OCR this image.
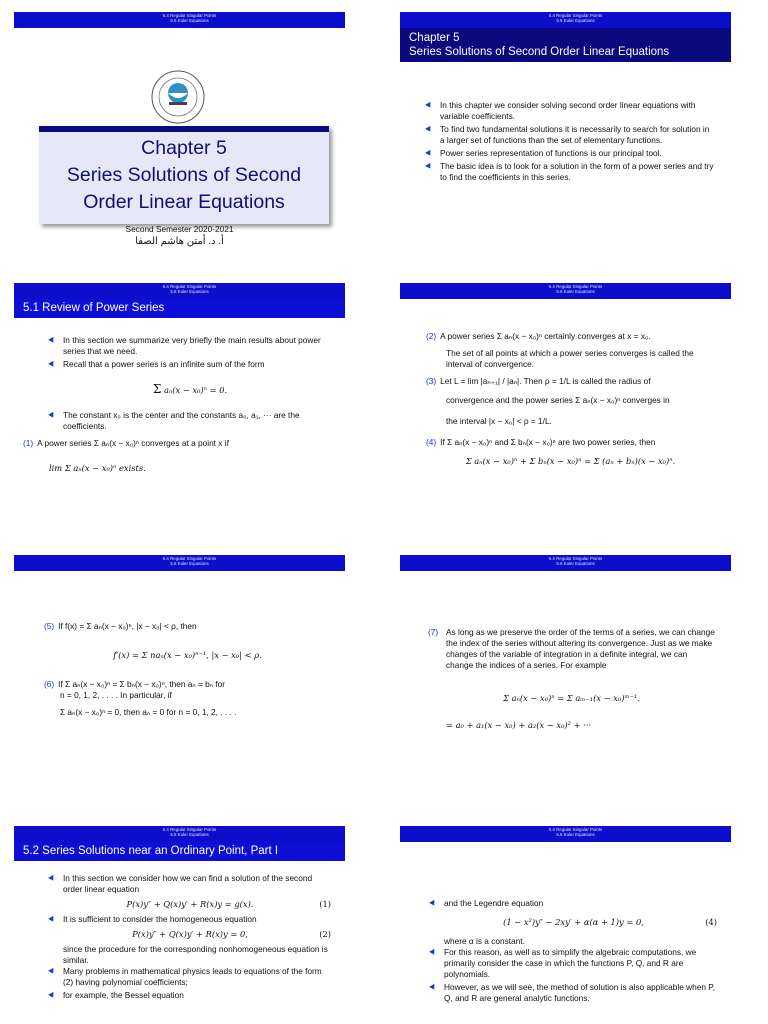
5.4 Regular Singular Points
5.5 Euler Equations
Chapter 5
Series Solutions of Second
Order Linear Equations
Second Semester 2020-2021
أ. د. أمتن هاشم الصفا
5.4 Regular Singular Points
5.5 Euler Equations
Chapter 5
Series Solutions of Second Order Linear Equations
In this chapter we consider solving second order linear equations with variable coefficients.
To find two fundamental solutions it is necessarily to search for solution in a larger set of functions than the set of elementary functions.
Power series representation of functions is our principal tool.
The basic idea is to look for a solution in the form of a power series and try to find the coefficients in this series.
5.4 Regular Singular Points
5.5 Euler Equations
5.1 Review of Power Series
In this section we summarize very briefly the main results about power series that we need.
Recall that a power series is an infinite sum of the form
Σ aₙ(x − x₀)ⁿ = 0.
The constant x₀ is the center and the constants a₀, a₁, ··· are the coefficients.
(1) A power series Σ aₙ(x − x₀)ⁿ converges at a point x if
lim Σ aₙ(x − x₀)ⁿ exists.
5.4 Regular Singular Points
5.5 Euler Equations
(2) A power series Σ aₙ(x − x₀)ⁿ certainly converges at x = x₀.
The set of all points at which a power series converges is called the interval of convergence.
(3) Let L = lim |aₙ₊₁| / |aₙ|. Then ρ = 1/L is called the radius of
convergence and the power series Σ aₙ(x − x₀)ⁿ converges in
the interval |x − x₀| < ρ = 1/L.
(4) If Σ aₙ(x − x₀)ⁿ and Σ bₙ(x − x₀)ⁿ are two power series, then
Σ aₙ(x − x₀)ⁿ + Σ bₙ(x − x₀)ⁿ = Σ (aₙ + bₙ)(x − x₀)ⁿ.
5.4 Regular Singular Points
5.5 Euler Equations
(5) If f(x) = Σ aₙ(x − x₀)ⁿ, |x − x₀| < ρ, then
f′(x) = Σ naₙ(x − x₀)ⁿ⁻¹, |x − x₀| < ρ.
(6) If Σ aₙ(x − x₀)ⁿ = Σ bₙ(x − x₀)ⁿ, then aₙ = bₙ for
n = 0, 1, 2, . . . . In particular, if
Σ aₙ(x − x₀)ⁿ = 0, then aₙ = 0 for n = 0, 1, 2, . . . .
5.4 Regular Singular Points
5.5 Euler Equations
(7) As long as we preserve the order of the terms of a series, we can change the index of the series without altering its convergence. Just as we make changes of the variable of integration in a definite integral, we can change the indices of a series. For example
Σ aₙ(x − x₀)ⁿ = Σ aₘ₋₁(x − x₀)ᵐ⁻¹.
= a₀ + a₁(x − x₀) + a₂(x − x₀)² + ···
5.4 Regular Singular Points
5.5 Euler Equations
5.2 Series Solutions near an Ordinary Point, Part I
In this section we consider how we can find a solution of the second order linear equation
P(x)y″ + Q(x)y′ + R(x)y = g(x).	(1)
It is sufficient to consider the homogeneous equation
P(x)y″ + Q(x)y′ + R(x)y = 0,	(2)
since the procedure for the corresponding nonhomogeneous equation is similar.
Many problems in mathematical physics leads to equations of the form (2) having polynomial coefficients;
for example, the Bessel equation
5.4 Regular Singular Points
5.5 Euler Equations
and the Legendre equation
(1 − x²)y″ − 2xy′ + α(α + 1)y = 0,	(4)
where α is a constant.
For this reason, as well as to simplify the algebraic computations, we primarily consider the case in which the functions P, Q, and R are polynomials.
However, as we will see, the method of solution is also applicable when P, Q, and R are general analytic functions.
